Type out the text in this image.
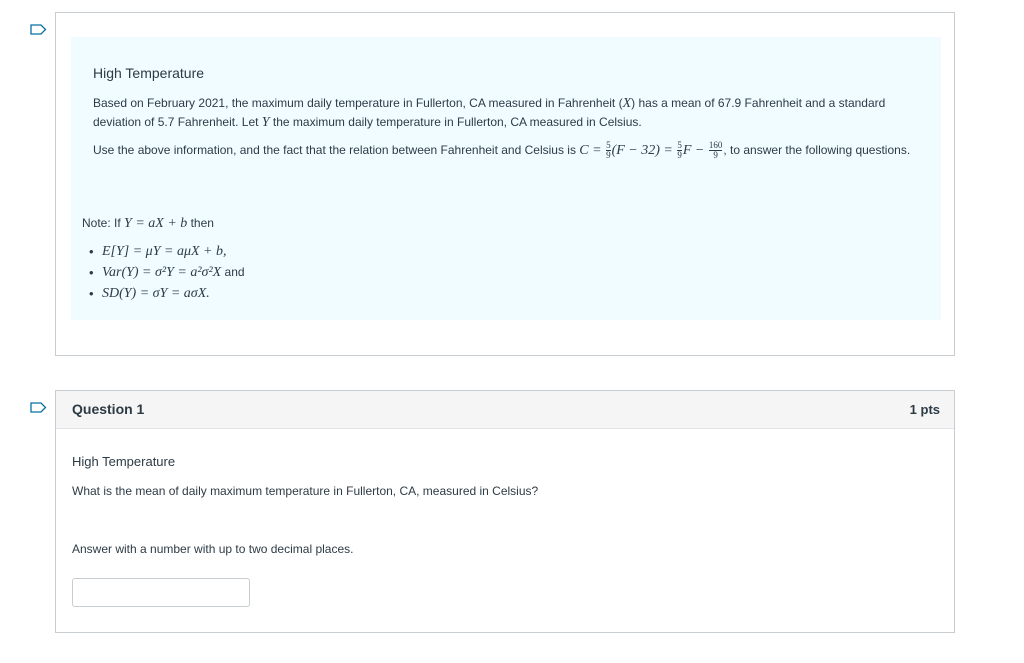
High Temperature
Based on February 2021, the maximum daily temperature in Fullerton, CA measured in Fahrenheit (X) has a mean of 67.9 Fahrenheit and a standard deviation of 5.7 Fahrenheit. Let Y the maximum daily temperature in Fullerton, CA measured in Celsius.
Use the above information, and the fact that the relation between Fahrenheit and Celsius is $C = \frac{5}{9} (F - 32) = \frac{5}{9}$ $F - \frac{160}{9}$ , to answer the following questions.
Note: If Y = aX + b then
• E[Y] = μY = aμX + b,
• Var(Y) = σ²Y = a²σ²X and
• SD(Y) = σY = aσX.
Question 1	1 pts
High Temperature
What is the mean of daily maximum temperature in Fullerton, CA, measured in Celsius?
Answer with a number with up to two decimal places.
